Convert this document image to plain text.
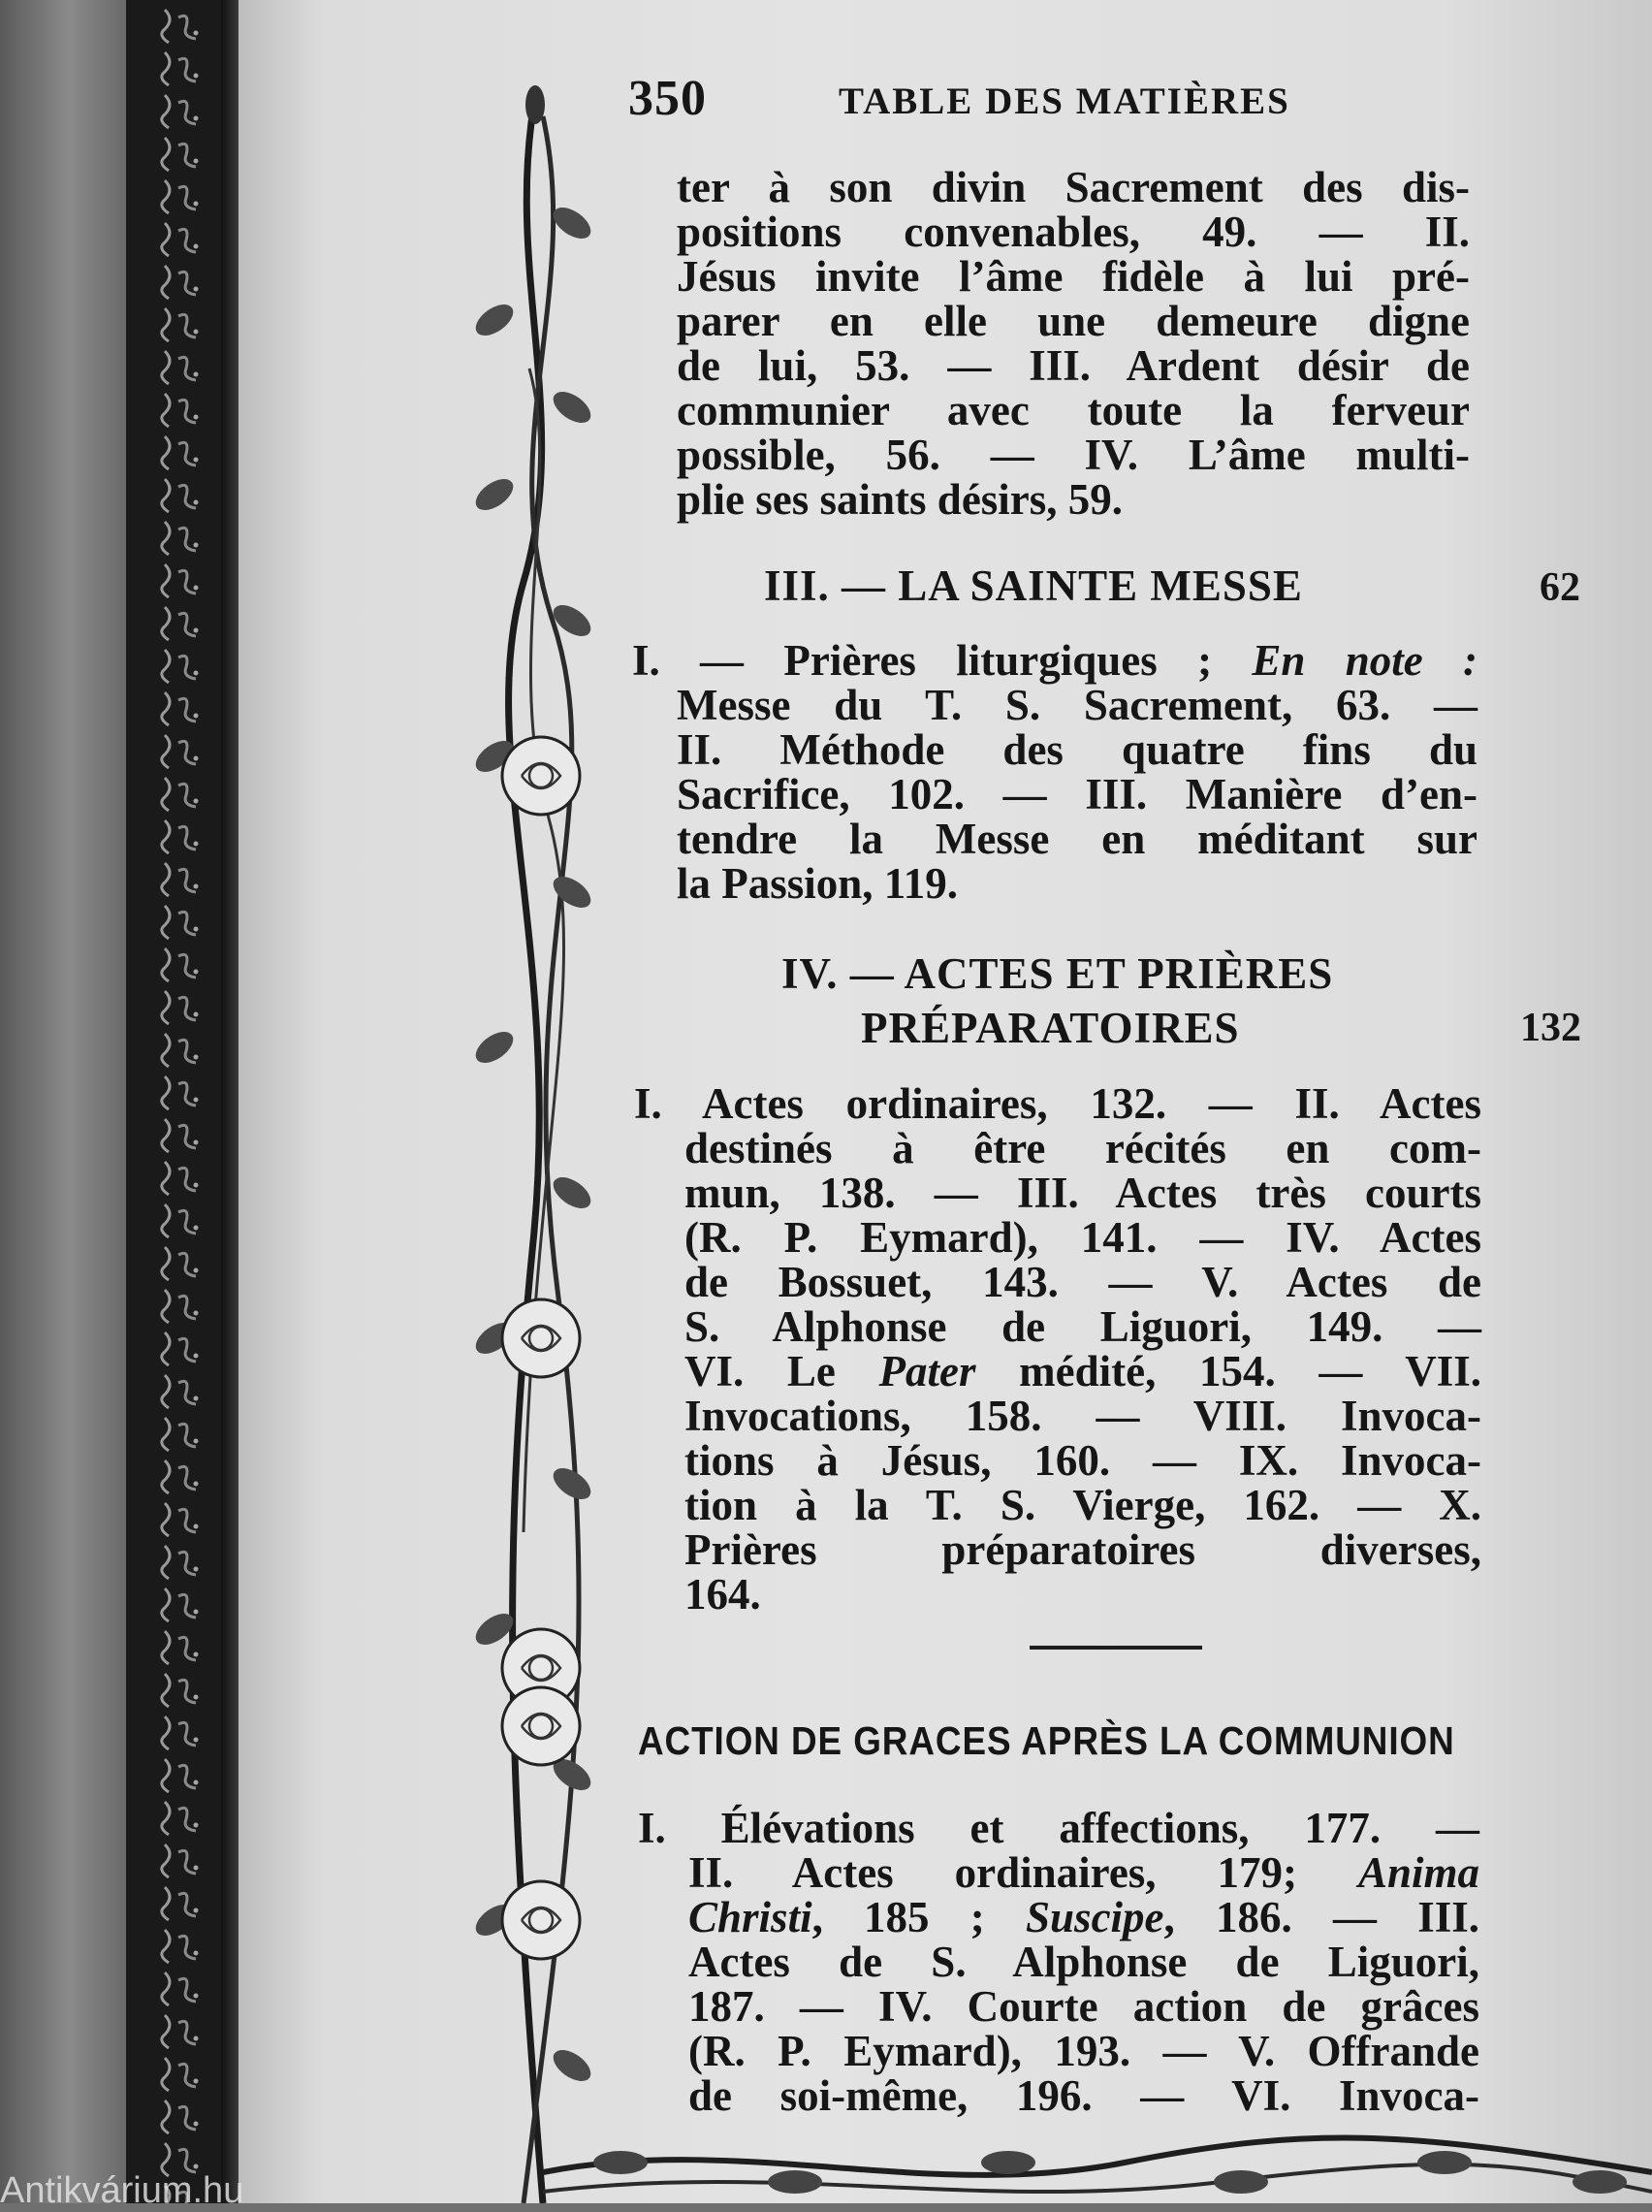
350	TABLE DES MATIÈRES

ter à son divin Sacrement des dis-
positions convenables, 49. — II.
Jésus invite l’âme fidèle à lui pré-
parer en elle une demeure digne
de lui, 53. — III. Ardent désir de
communier avec toute la ferveur
possible, 56. — IV. L’âme multi-
plie ses saints désirs, 59.

III. — LA SAINTE MESSE	62

I. — Prières liturgiques ; En note :
Messe du T. S. Sacrement, 63. —
II. Méthode des quatre fins du
Sacrifice, 102. — III. Manière d’en-
tendre la Messe en méditant sur
la Passion, 119.

IV. — ACTES ET PRIÈRES

PRÉPARATOIRES	132

I. Actes ordinaires, 132. — II. Actes
destinés à être récités en com-
mun, 138. — III. Actes très courts
(R. P. Eymard), 141. — IV. Actes
de Bossuet, 143. — V. Actes de
S. Alphonse de Liguori, 149. —
VI. Le Pater médité, 154. — VII.
Invocations, 158. — VIII. Invoca-
tions à Jésus, 160. — IX. Invoca-
tion à la T. S. Vierge, 162. — X.
Prières préparatoires diverses,
164.

ACTION DE GRACES APRÈS LA COMMUNION

I. Élévations et affections, 177. —
II. Actes ordinaires, 179; Anima
Christi, 185 ; Suscipe, 186. — III.
Actes de S. Alphonse de Liguori,
187. — IV. Courte action de grâces
(R. P. Eymard), 193. — V. Offrande
de soi-même, 196. — VI. Invoca-

Antikvárium.hu
